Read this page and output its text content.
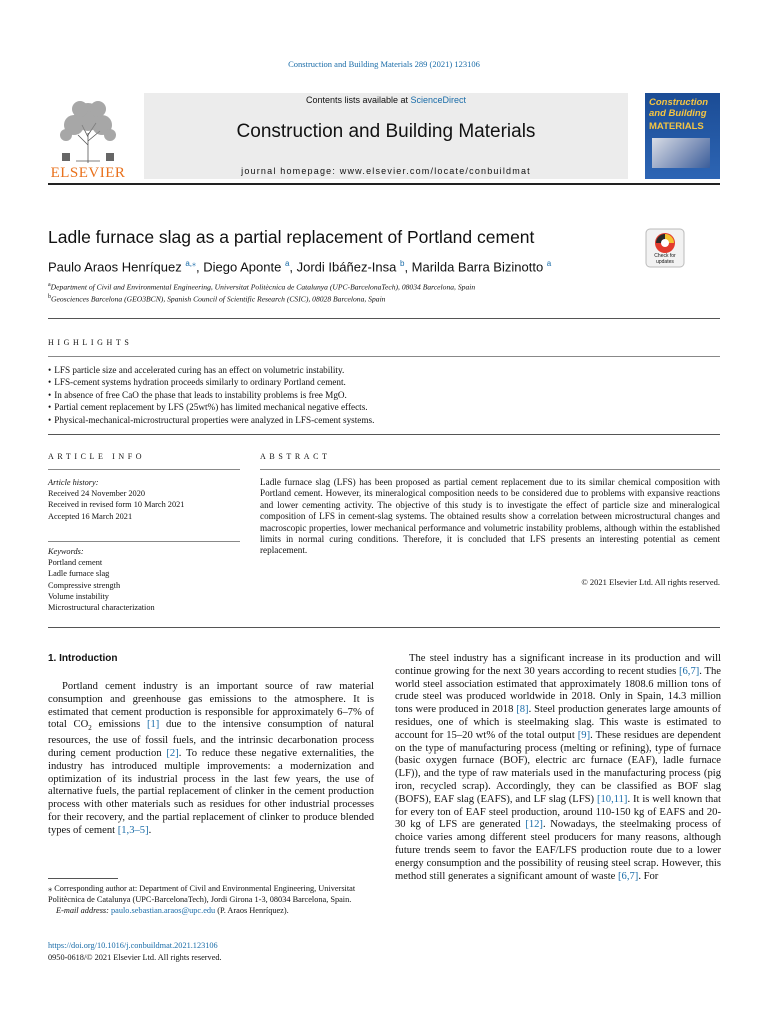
Construction and Building Materials 289 (2021) 123106
ELSEVIER
Contents lists available at ScienceDirect
Construction and Building Materials
journal homepage: www.elsevier.com/locate/conbuildmat
Construction and Building
MATERIALS
Ladle furnace slag as a partial replacement of Portland cement
Check for updates
Paulo Araos Henríquez $^{a,⁎}$, Diego Aponte $^a$, Jordi Ibáñez-Insa $^b$, Marilda Barra Bizinotto $^a$
$^a$Department of Civil and Environmental Engineering, Universitat Politècnica de Catalunya (UPC-BarcelonaTech), 08034 Barcelona, Spain
$^b$Geosciences Barcelona (GEO3BCN), Spanish Council of Scientific Research (CSIC), 08028 Barcelona, Spain
HIGHLIGHTS
• LFS particle size and accelerated curing has an effect on volumetric instability.
• LFS-cement systems hydration proceeds similarly to ordinary Portland cement.
• In absence of free CaO the phase that leads to instability problems is free MgO.
• Partial cement replacement by LFS (25wt%) has limited mechanical negative effects.
• Physical-mechanical-microstructural properties were analyzed in LFS-cement systems.
ARTICLE INFO	ABSTRACT
Article history:
Received 24 November 2020
Received in revised form 10 March 2021
Accepted 16 March 2021
Keywords:
Portland cement
Ladle furnace slag
Compressive strength
Volume instability
Microstructural characterization
Ladle furnace slag (LFS) has been proposed as partial cement replacement due to its similar chemical composition with Portland cement. However, its mineralogical composition needs to be considered due to problems with expansive reactions and lower cementing activity. The objective of this study is to investigate the effect of particle size and mineralogical composition of LFS in cement-slag systems. The obtained results show a correlation between microstructural changes and macroscopic properties, lower mechanical performance and volumetric instability problems, although within the established limits in normal curing conditions. Therefore, it is concluded that LFS presents an interesting potential as cement replacement.
© 2021 Elsevier Ltd. All rights reserved.
1. Introduction

Portland cement industry is an important source of raw material consumption and greenhouse gas emissions to the atmosphere. It is estimated that cement production is responsible for approximately 6–7% of total $CO_2$ emissions [1] due to the intensive consumption of natural resources, the use of fossil fuels, and the intrinsic decarbonation process during cement production [2]. To reduce these negative externalities, the industry has introduced multiple improvements: a modernization and optimization of its industrial process in the last few years, the use of alternative fuels, the partial replacement of clinker in the cement production process with other materials such as residues for other industrial processes for their recovery, and the partial replacement of clinker to produce blended types of cement [1,3–5].

The steel industry has a significant increase in its production and will continue growing for the next 30 years according to recent studies [6,7]. The world steel association estimated that approximately 1808.6 million tons of crude steel was produced worldwide in 2018. Only in Spain, 14.3 million tons were produced in 2018 [8]. Steel production generates large amounts of residues, one of which is steelmaking slag. This waste is estimated to account for 15–20 wt% of the total output [9]. These residues are dependent on the type of manufacturing process (melting or refining), type of furnace (basic oxygen furnace (BOF), electric arc furnace (EAF), ladle furnace (LF)), and the type of raw materials used in the manufacturing process (pig iron, recycled scrap). Accordingly, they can be classified as BOF slag (BOFS), EAF slag (EAFS), and LF slag (LFS) [10,11]. It is well known that for every ton of EAF steel production, around 110-150 kg of EAFS and 20-30 kg of LFS are generated [12]. Nowadays, the steelmaking process of choice varies among different steel producers for many reasons, although future trends seem to favor the EAF/LFS production route due to a lower energy consumption and the possibility of reusing steel scrap. However, this method still generates a significant amount of waste [6,7]. For

⁎ Corresponding author at: Department of Civil and Environmental Engineering, Universitat Politècnica de Catalunya (UPC-BarcelonaTech), Jordi Girona 1-3, 08034 Barcelona, Spain.
E-mail address: paulo.sebastian.araos@upc.edu (P. Araos Henríquez).
https://doi.org/10.1016/j.conbuildmat.2021.123106
0950-0618/© 2021 Elsevier Ltd. All rights reserved.
